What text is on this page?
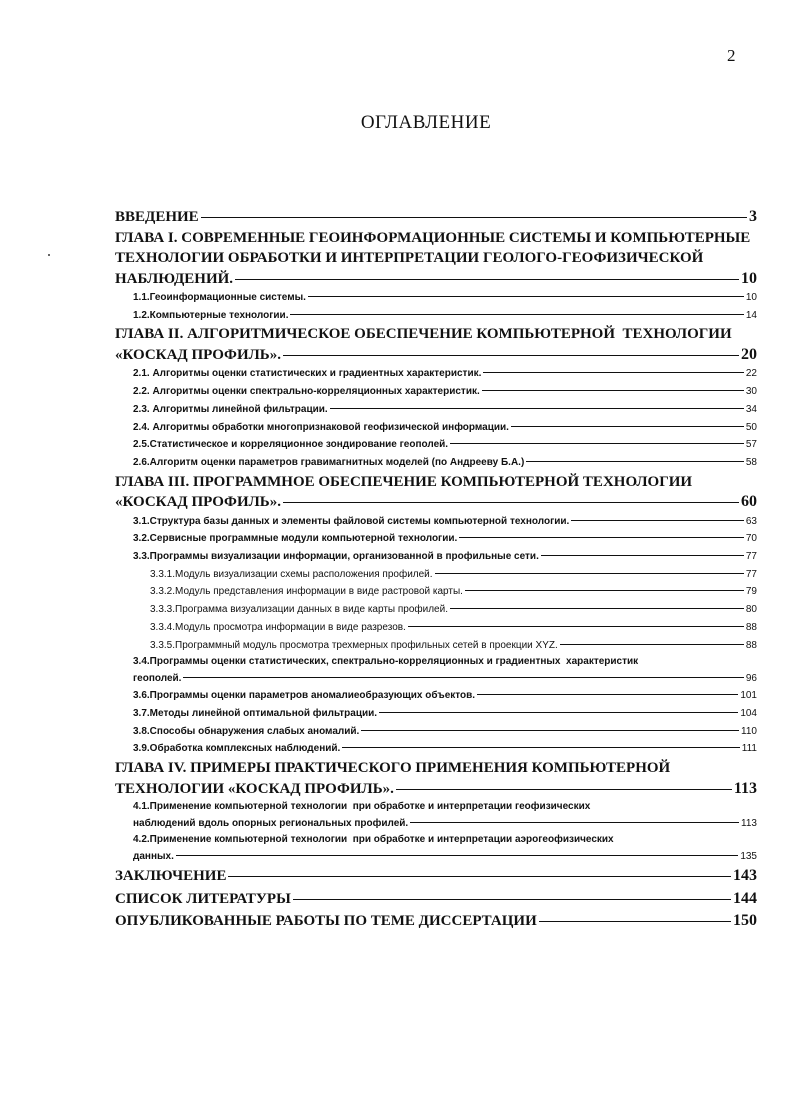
2
ОГЛАВЛЕНИЕ
ВВЕДЕНИЕ	3
ГЛАВА I. СОВРЕМЕННЫЕ ГЕОИНФОРМАЦИОННЫЕ СИСТЕМЫ И КОМПЬЮТЕРНЫЕ
ТЕХНОЛОГИИ ОБРАБОТКИ И ИНТЕРПРЕТАЦИИ ГЕОЛОГО-ГЕОФИЗИЧЕСКОЙ
НАБЛЮДЕНИЙ.	10
1.1.Геоинформационные системы.	10
1.2.Компьютерные технологии.	14
ГЛАВА II. АЛГОРИТМИЧЕСКОЕ ОБЕСПЕЧЕНИЕ КОМПЬЮТЕРНОЙ  ТЕХНОЛОГИИ
«КОСКАД ПРОФИЛЬ».	20
2.1. Алгоритмы оценки статистических и градиентных характеристик.	22
2.2. Алгоритмы оценки спектрально-корреляционных характеристик.	30
2.3. Алгоритмы линейной фильтрации.	34
2.4. Алгоритмы обработки многопризнаковой геофизической информации.	50
2.5.Статистическое и корреляционное зондирование геополей.	57
2.6.Алгоритм оценки параметров гравимагнитных моделей (по Андрееву Б.А.)	58
ГЛАВА III. ПРОГРАММНОЕ ОБЕСПЕЧЕНИЕ КОМПЬЮТЕРНОЙ ТЕХНОЛОГИИ
«КОСКАД ПРОФИЛЬ».	60
3.1.Структура базы данных и элементы файловой системы компьютерной технологии.	63
3.2.Сервисные программные модули компьютерной технологии.	70
3.3.Программы визуализации информации, организованной в профильные сети.	77
3.3.1.Модуль визуализации схемы расположения профилей.	77
3.3.2.Модуль представления информации в виде растровой карты.	79
3.3.3.Программа визуализации данных в виде карты профилей.	80
3.3.4.Модуль просмотра информации в виде разрезов.	88
3.3.5.Программный модуль просмотра трехмерных профильных сетей в проекции XYZ.	88
3.4.Программы оценки статистических, спектрально-корреляционных и градиентных  характеристик
геополей.	96
3.6.Программы оценки параметров аномалиеобразующих объектов.	101
3.7.Методы линейной оптимальной фильтрации.	104
3.8.Способы обнаружения слабых аномалий.	110
3.9.Обработка комплексных наблюдений.	111
ГЛАВА IV. ПРИМЕРЫ ПРАКТИЧЕСКОГО ПРИМЕНЕНИЯ КОМПЬЮТЕРНОЙ
ТЕХНОЛОГИИ «КОСКАД ПРОФИЛЬ».	113
4.1.Применение компьютерной технологии  при обработке и интерпретации геофизических
наблюдений вдоль опорных региональных профилей.	113
4.2.Применение компьютерной технологии  при обработке и интерпретации аэрогеофизических
данных.	135
ЗАКЛЮЧЕНИЕ	143
СПИСОК ЛИТЕРАТУРЫ	144
ОПУБЛИКОВАННЫЕ РАБОТЫ ПО ТЕМЕ ДИССЕРТАЦИИ	150
